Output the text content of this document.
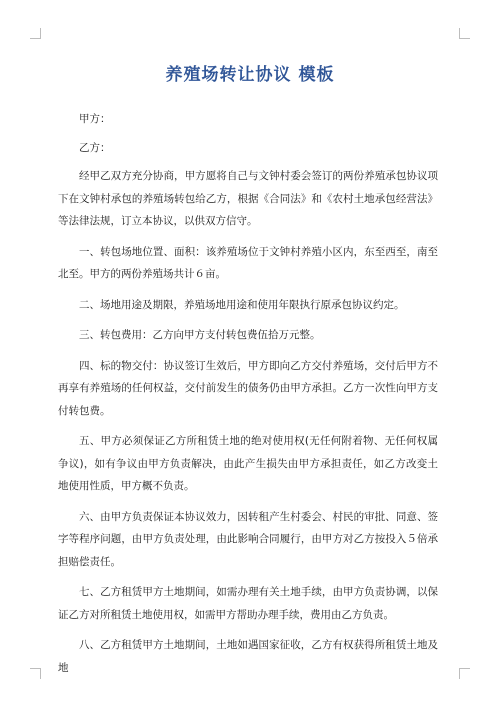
养殖场转让协议 模板

甲方：

乙方：

经甲乙双方充分协商，甲方愿将自己与文钟村委会签订的两份养殖承包协议项下在文钟村承包的养殖场转包给乙方，根据《合同法》和《农村土地承包经营法》等法律法规，订立本协议，以供双方信守。

一、转包场地位置、面积：该养殖场位于文钟村养殖小区内，东至西至，南至北至。甲方的两份养殖场共计６亩。

二、场地用途及期限，养殖场地用途和使用年限执行原承包协议约定。

三、转包费用：乙方向甲方支付转包费伍拾万元整。

四、标的物交付：协议签订生效后，甲方即向乙方交付养殖场，交付后甲方不再享有养殖场的任何权益，交付前发生的债务仍由甲方承担。乙方一次性向甲方支付转包费。

五、甲方必须保证乙方所租赁土地的绝对使用权(无任何附着物、无任何权属争议)，如有争议由甲方负责解决，由此产生损失由甲方承担责任，如乙方改变土地使用性质，甲方概不负责。

六、由甲方负责保证本协议效力，因转租产生村委会、村民的审批、同意、签字等程序问题，由甲方负责处理，由此影响合同履行，由甲方对乙方按投入５倍承担赔偿责任。

七、乙方租赁甲方土地期间，如需办理有关土地手续，由甲方负责协调，以保证乙方对所租赁土地使用权，如需甲方帮助办理手续，费用由乙方负责。

八、乙方租赁甲方土地期间，土地如遇国家征收，乙方有权获得所租赁土地及地
